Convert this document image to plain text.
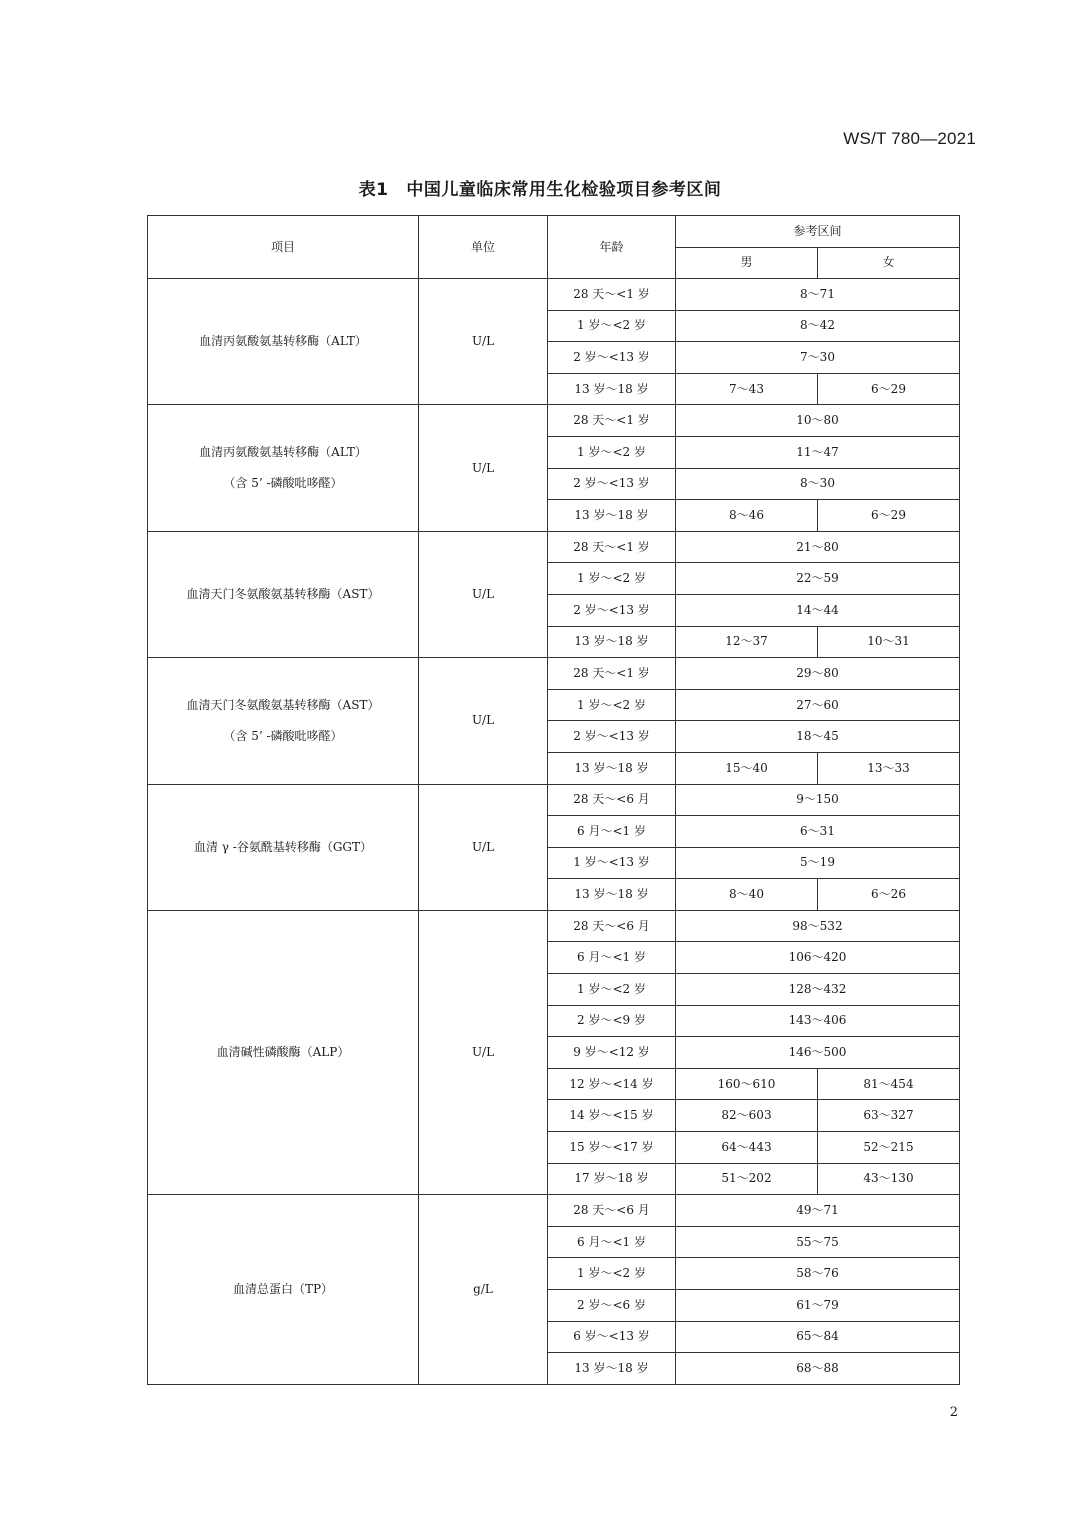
WS/T 780—2021
表1 中国儿童临床常用生化检验项目参考区间
项目	单位	年龄	参考区间	
			男	女

血清丙氨酸氨基转移酶（ALT）	U/L	28 天～<1 岁	8～71	
		1 岁～<2 岁	8～42	
		2 岁～<13 岁	7～30	
		13 岁～18 岁	7～43	6～29

血清丙氨酸氨基转移酶（ALT）
（含 5’ -磷酸吡哆醛）	U/L	28 天～<1 岁	10～80	
		1 岁～<2 岁	11～47	
		2 岁～<13 岁	8～30	
		13 岁～18 岁	8～46	6～29

血清天门冬氨酸氨基转移酶（AST）	U/L	28 天～<1 岁	21～80	
		1 岁～<2 岁	22～59	
		2 岁～<13 岁	14～44	
		13 岁～18 岁	12～37	10～31

血清天门冬氨酸氨基转移酶（AST）
（含 5’ -磷酸吡哆醛）	U/L	28 天～<1 岁	29～80	
		1 岁～<2 岁	27～60	
		2 岁～<13 岁	18～45	
		13 岁～18 岁	15～40	13～33

血清 γ -谷氨酰基转移酶（GGT）	U/L	28 天～<6 月	9～150	
		6 月～<1 岁	6～31	
		1 岁～<13 岁	5～19	
		13 岁～18 岁	8～40	6～26

血清碱性磷酸酶（ALP）	U/L	28 天～<6 月	98～532	
		6 月～<1 岁	106～420	
		1 岁～<2 岁	128～432	
		2 岁～<9 岁	143～406	
		9 岁～<12 岁	146～500	
		12 岁～<14 岁	160～610	81～454
		14 岁～<15 岁	82～603	63～327
		15 岁～<17 岁	64～443	52～215
		17 岁～18 岁	51～202	43～130

血清总蛋白（TP）	g/L	28 天～<6 月	49～71	
		6 月～<1 岁	55～75	
		1 岁～<2 岁	58～76	
		2 岁～<6 岁	61～79	
		6 岁～<13 岁	65～84	
		13 岁～18 岁	68～88	
2
